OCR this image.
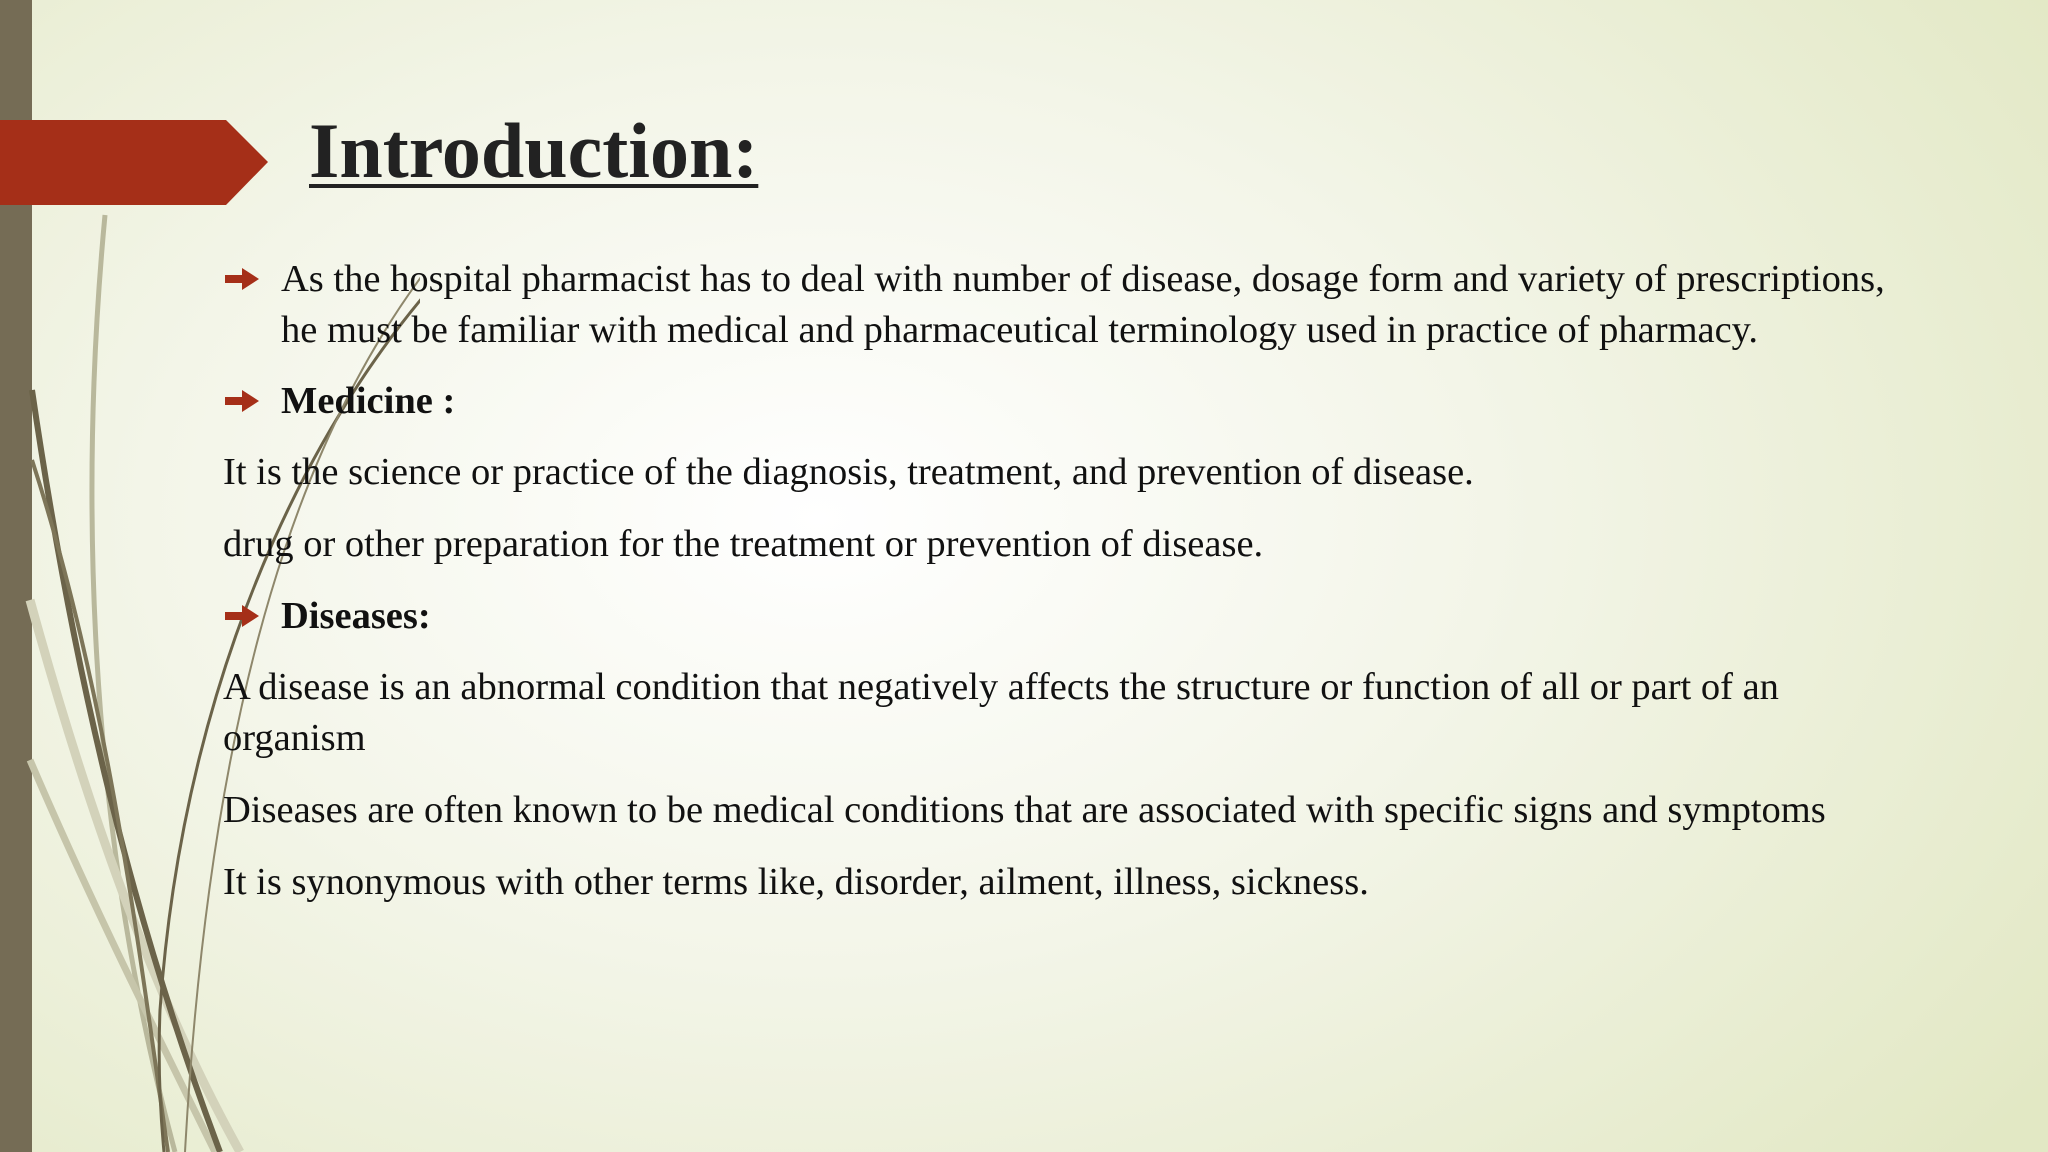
Introduction:
As the hospital pharmacist has to deal with number of disease, dosage form and variety of prescriptions, he must be familiar with medical and pharmaceutical terminology used in practice of pharmacy.
Medicine :
It is the science or practice of the diagnosis, treatment, and prevention of disease.
drug or other preparation for the treatment or prevention of disease.
Diseases:
A disease is an abnormal condition that negatively affects the structure or function of all or part of an organism
Diseases are often known to be medical conditions that are associated with specific signs and symptoms
It is synonymous with other terms like, disorder, ailment, illness, sickness.
